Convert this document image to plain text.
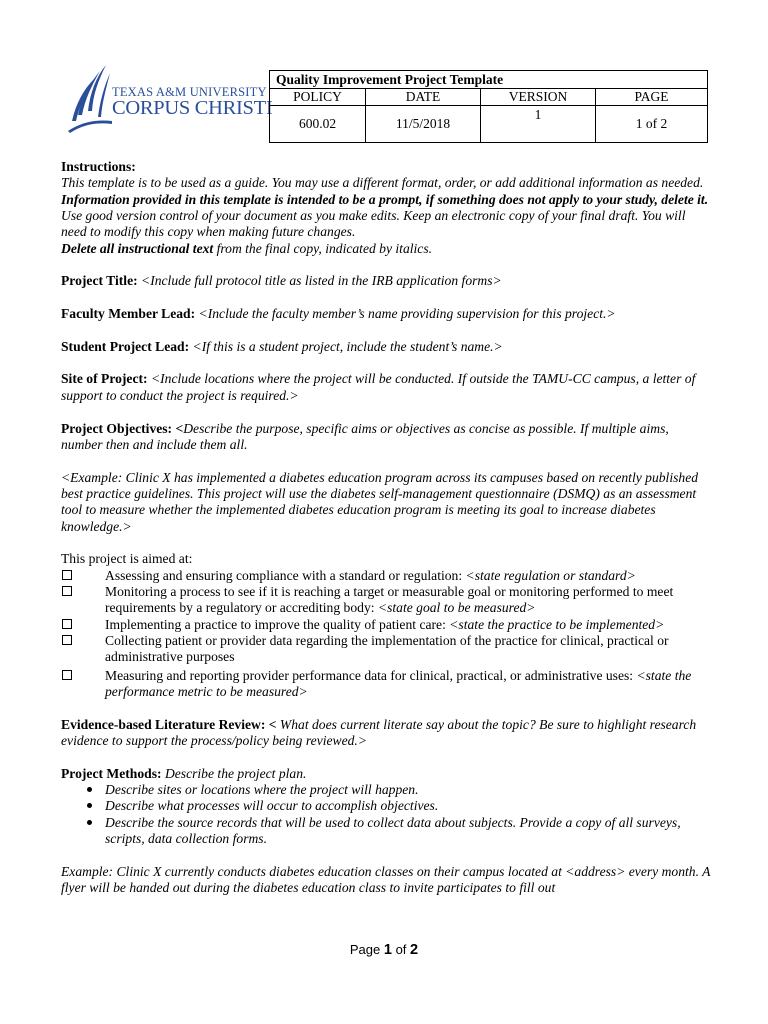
TEXAS A&M UNIVERSITY
CORPUS CHRISTI
Quality Improvement Project Template			
POLICY	DATE	VERSION	PAGE
600.02	11/5/2018	1	1 of 2

Instructions:

This template is to be used as a guide. You may use a different format, order, or add additional information as needed. Information provided in this template is intended to be a prompt, if something does not apply to your study, delete it.

Use good version control of your document as you make edits. Keep an electronic copy of your final draft. You will need to modify this copy when making future changes.

Delete all instructional text from the final copy, indicated by italics.

Project Title: <Include full protocol title as listed in the IRB application forms>

Faculty Member Lead: <Include the faculty member’s name providing supervision for this project.>

Student Project Lead: <If this is a student project, include the student’s name.>

Site of Project: <Include locations where the project will be conducted. If outside the TAMU-CC campus, a letter of support to conduct the project is required.>

Project Objectives: <Describe the purpose, specific aims or objectives as concise as possible. If multiple aims, number then and include them all.

<Example: Clinic X has implemented a diabetes education program across its campuses based on recently published best practice guidelines. This project will use the diabetes self-management questionnaire (DSMQ) as an assessment tool to measure whether the implemented diabetes education program is meeting its goal to increase diabetes knowledge.>

This project is aimed at:

Assessing and ensuring compliance with a standard or regulation: <state regulation or standard>
Monitoring a process to see if it is reaching a target or measurable goal or monitoring performed to meet requirements by a regulatory or accrediting body: <state goal to be measured>
Implementing a practice to improve the quality of patient care: <state the practice to be implemented>
Collecting patient or provider data regarding the implementation of the practice for clinical, practical or administrative purposes
Measuring and reporting provider performance data for clinical, practical, or administrative uses: <state the performance metric to be measured>

Evidence-based Literature Review: < What does current literate say about the topic? Be sure to highlight research evidence to support the process/policy being reviewed.>

Project Methods: Describe the project plan.

Describe sites or locations where the project will happen.
Describe what processes will occur to accomplish objectives.
Describe the source records that will be used to collect data about subjects. Provide a copy of all surveys, scripts, data collection forms.

Example: Clinic X currently conducts diabetes education classes on their campus located at <address> every month. A flyer will be handed out during the diabetes education class to invite participates to fill out

Page 1 of 2
